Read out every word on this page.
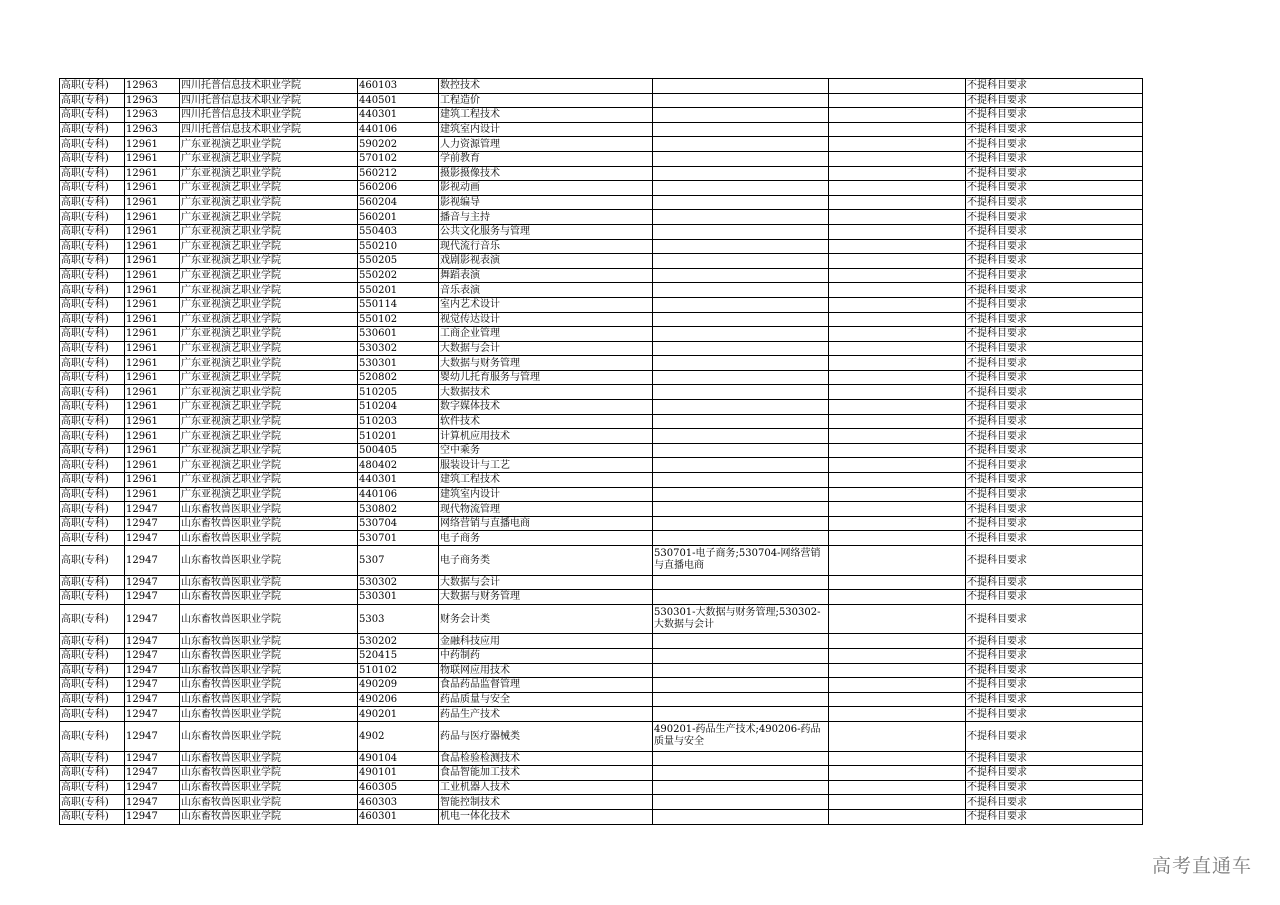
高职(专科)	12963	四川托普信息技术职业学院	460103	数控技术			不提科目要求
高职(专科)	12963	四川托普信息技术职业学院	440501	工程造价			不提科目要求
高职(专科)	12963	四川托普信息技术职业学院	440301	建筑工程技术			不提科目要求
高职(专科)	12963	四川托普信息技术职业学院	440106	建筑室内设计			不提科目要求
高职(专科)	12961	广东亚视演艺职业学院	590202	人力资源管理			不提科目要求
高职(专科)	12961	广东亚视演艺职业学院	570102	学前教育			不提科目要求
高职(专科)	12961	广东亚视演艺职业学院	560212	摄影摄像技术			不提科目要求
高职(专科)	12961	广东亚视演艺职业学院	560206	影视动画			不提科目要求
高职(专科)	12961	广东亚视演艺职业学院	560204	影视编导			不提科目要求
高职(专科)	12961	广东亚视演艺职业学院	560201	播音与主持			不提科目要求
高职(专科)	12961	广东亚视演艺职业学院	550403	公共文化服务与管理			不提科目要求
高职(专科)	12961	广东亚视演艺职业学院	550210	现代流行音乐			不提科目要求
高职(专科)	12961	广东亚视演艺职业学院	550205	戏剧影视表演			不提科目要求
高职(专科)	12961	广东亚视演艺职业学院	550202	舞蹈表演			不提科目要求
高职(专科)	12961	广东亚视演艺职业学院	550201	音乐表演			不提科目要求
高职(专科)	12961	广东亚视演艺职业学院	550114	室内艺术设计			不提科目要求
高职(专科)	12961	广东亚视演艺职业学院	550102	视觉传达设计			不提科目要求
高职(专科)	12961	广东亚视演艺职业学院	530601	工商企业管理			不提科目要求
高职(专科)	12961	广东亚视演艺职业学院	530302	大数据与会计			不提科目要求
高职(专科)	12961	广东亚视演艺职业学院	530301	大数据与财务管理			不提科目要求
高职(专科)	12961	广东亚视演艺职业学院	520802	婴幼儿托育服务与管理			不提科目要求
高职(专科)	12961	广东亚视演艺职业学院	510205	大数据技术			不提科目要求
高职(专科)	12961	广东亚视演艺职业学院	510204	数字媒体技术			不提科目要求
高职(专科)	12961	广东亚视演艺职业学院	510203	软件技术			不提科目要求
高职(专科)	12961	广东亚视演艺职业学院	510201	计算机应用技术			不提科目要求
高职(专科)	12961	广东亚视演艺职业学院	500405	空中乘务			不提科目要求
高职(专科)	12961	广东亚视演艺职业学院	480402	服装设计与工艺			不提科目要求
高职(专科)	12961	广东亚视演艺职业学院	440301	建筑工程技术			不提科目要求
高职(专科)	12961	广东亚视演艺职业学院	440106	建筑室内设计			不提科目要求
高职(专科)	12947	山东畜牧兽医职业学院	530802	现代物流管理			不提科目要求
高职(专科)	12947	山东畜牧兽医职业学院	530704	网络营销与直播电商			不提科目要求
高职(专科)	12947	山东畜牧兽医职业学院	530701	电子商务			不提科目要求
高职(专科)	12947	山东畜牧兽医职业学院	5307	电子商务类	530701-电子商务;530704-网络营销与直播电商		不提科目要求
高职(专科)	12947	山东畜牧兽医职业学院	530302	大数据与会计			不提科目要求
高职(专科)	12947	山东畜牧兽医职业学院	530301	大数据与财务管理			不提科目要求
高职(专科)	12947	山东畜牧兽医职业学院	5303	财务会计类	530301-大数据与财务管理;530302-大数据与会计		不提科目要求
高职(专科)	12947	山东畜牧兽医职业学院	530202	金融科技应用			不提科目要求
高职(专科)	12947	山东畜牧兽医职业学院	520415	中药制药			不提科目要求
高职(专科)	12947	山东畜牧兽医职业学院	510102	物联网应用技术			不提科目要求
高职(专科)	12947	山东畜牧兽医职业学院	490209	食品药品监督管理			不提科目要求
高职(专科)	12947	山东畜牧兽医职业学院	490206	药品质量与安全			不提科目要求
高职(专科)	12947	山东畜牧兽医职业学院	490201	药品生产技术			不提科目要求
高职(专科)	12947	山东畜牧兽医职业学院	4902	药品与医疗器械类	490201-药品生产技术;490206-药品质量与安全		不提科目要求
高职(专科)	12947	山东畜牧兽医职业学院	490104	食品检验检测技术			不提科目要求
高职(专科)	12947	山东畜牧兽医职业学院	490101	食品智能加工技术			不提科目要求
高职(专科)	12947	山东畜牧兽医职业学院	460305	工业机器人技术			不提科目要求
高职(专科)	12947	山东畜牧兽医职业学院	460303	智能控制技术			不提科目要求
高职(专科)	12947	山东畜牧兽医职业学院	460301	机电一体化技术			不提科目要求
高考直通车
